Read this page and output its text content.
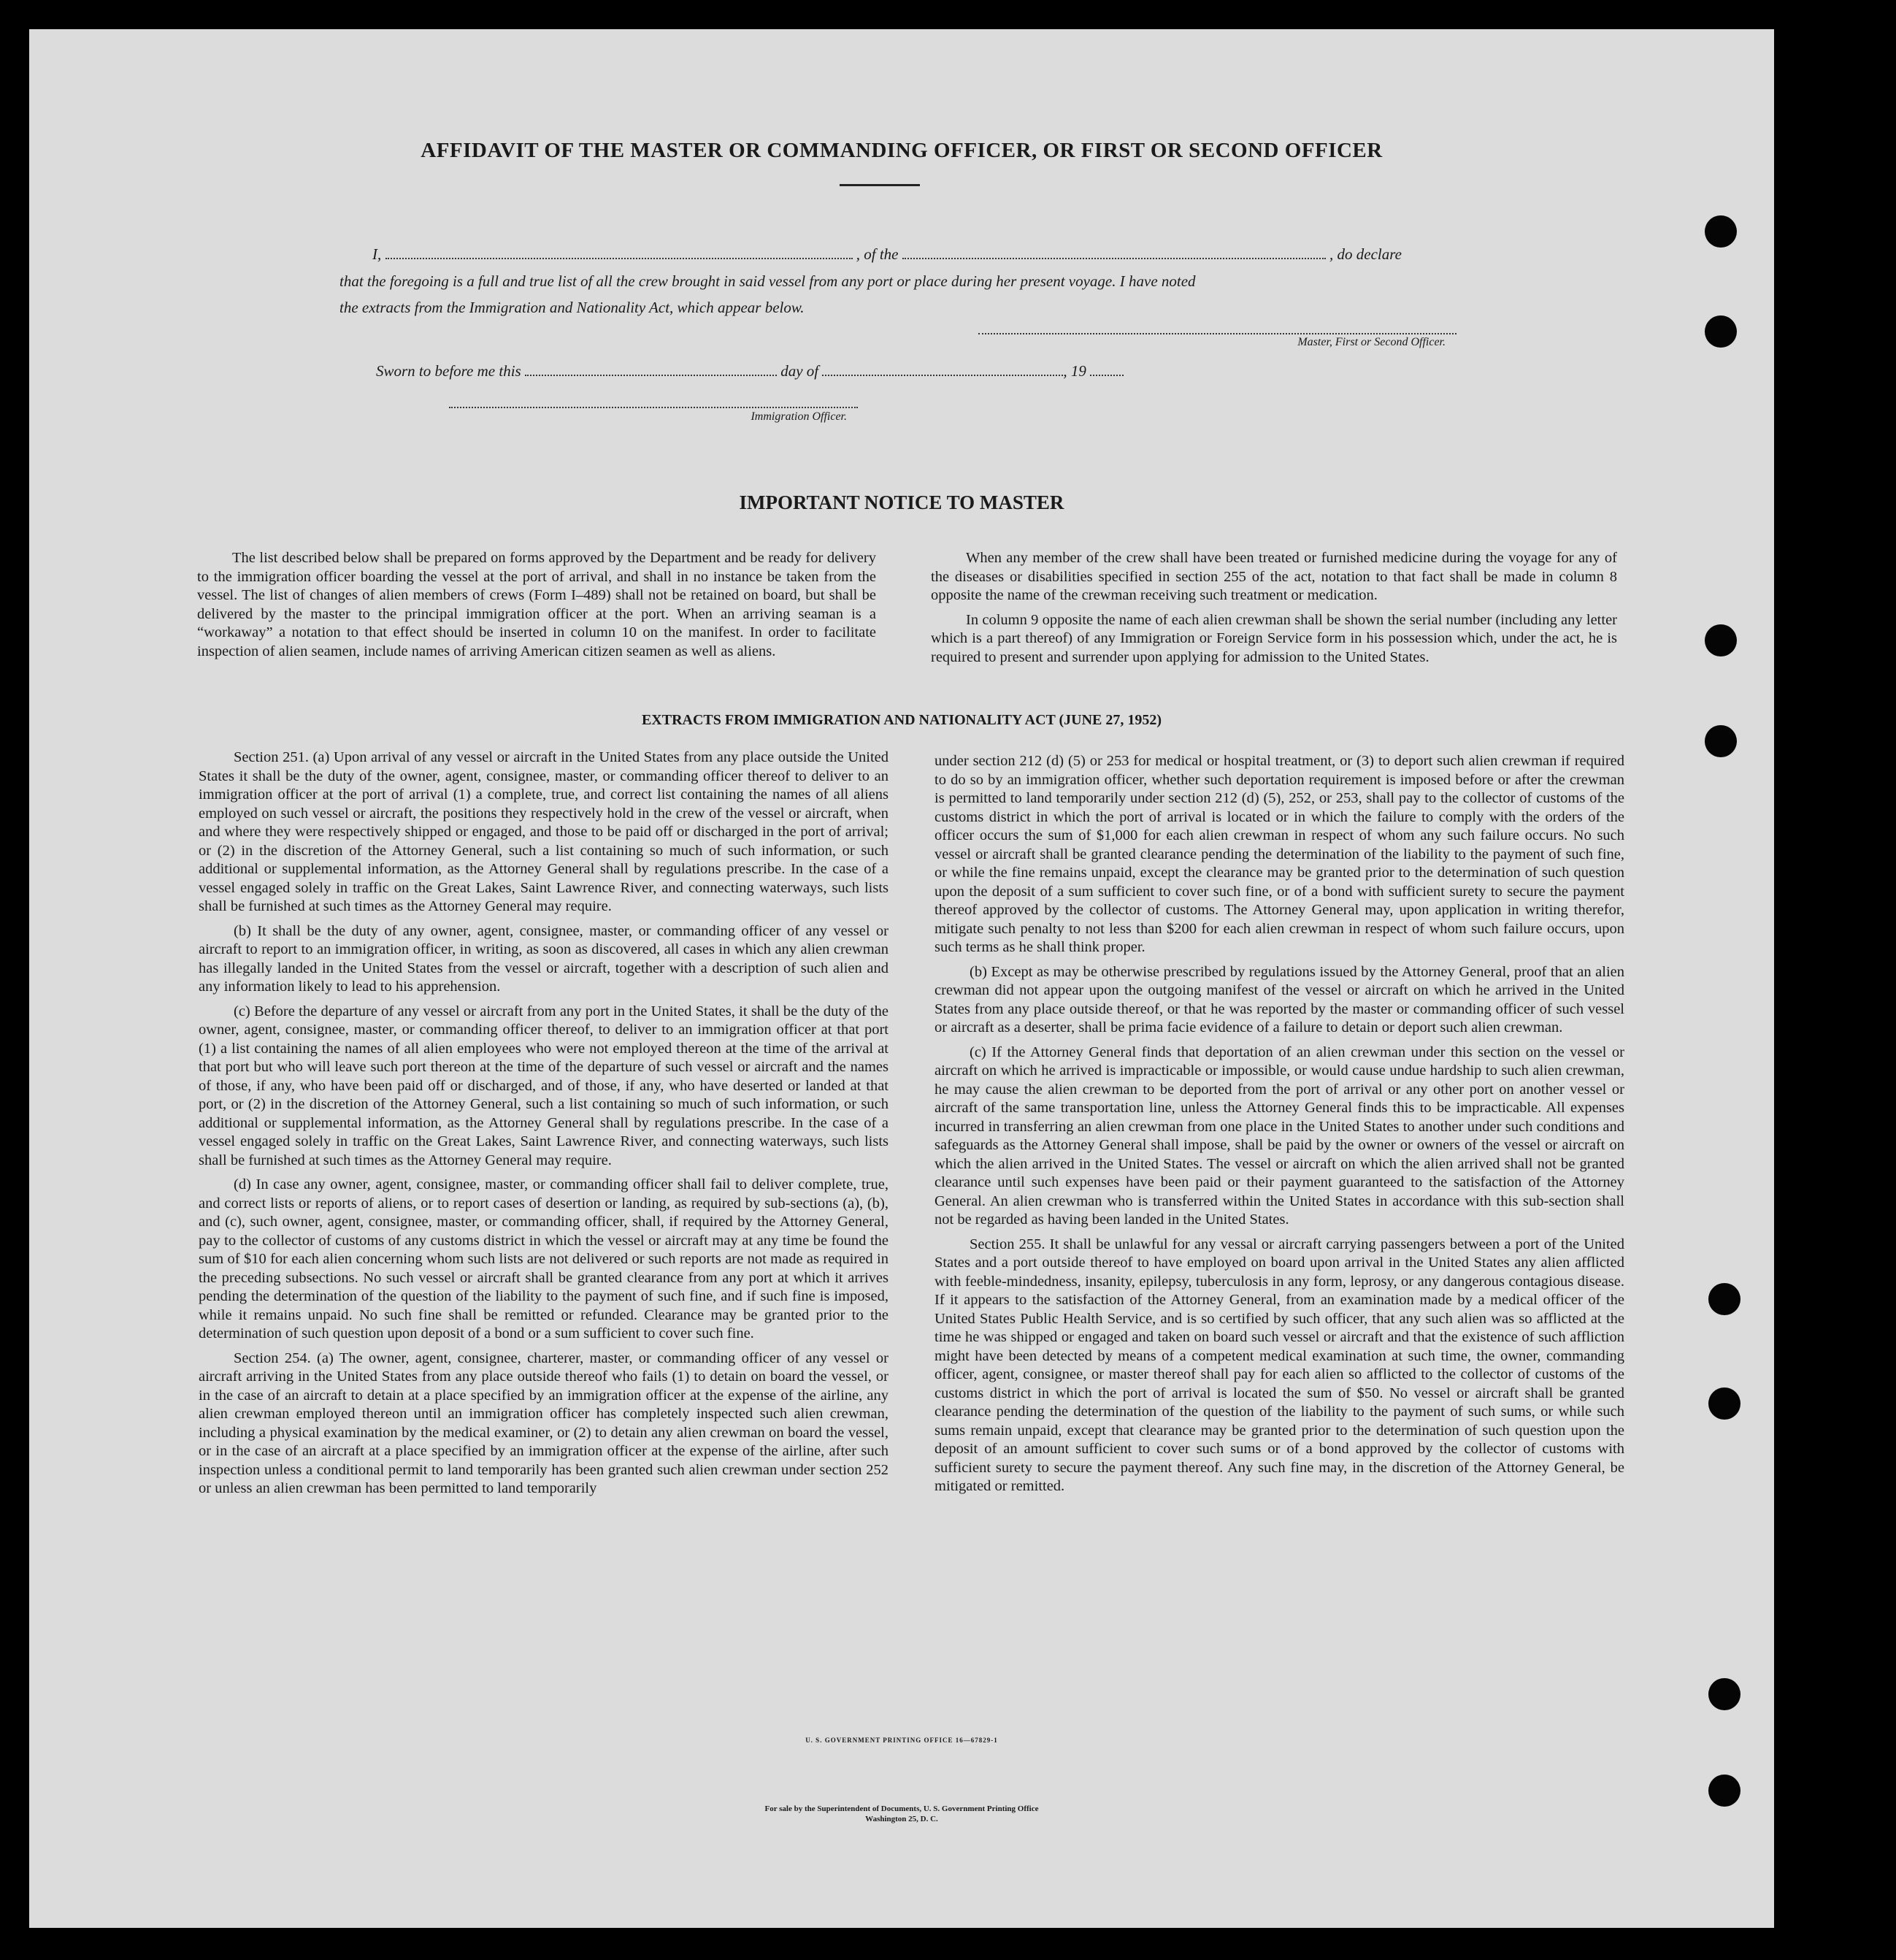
AFFIDAVIT OF THE MASTER OR COMMANDING OFFICER, OR FIRST OR SECOND OFFICER
I,	, of the	, do declare
that the foregoing is a full and true list of all the crew brought in said vessel from any port or place during her present voyage. I have noted
the extracts from the Immigration and Nationality Act, which appear below.
Master, First or Second Officer.
Sworn to before me this	day of	, 19
Immigration Officer.
IMPORTANT NOTICE TO MASTER

The list described below shall be prepared on forms approved by the Department and be ready for delivery to the immigration officer boarding the vessel at the port of arrival, and shall in no instance be taken from the vessel. The list of changes of alien members of crews (Form I–489) shall not be retained on board, but shall be delivered by the master to the principal immigration officer at the port. When an arriving seaman is a “workaway” a notation to that effect should be inserted in column 10 on the manifest. In order to facilitate inspection of alien seamen, include names of arriving American citizen seamen as well as aliens.

When any member of the crew shall have been treated or furnished medicine during the voyage for any of the diseases or disabilities specified in section 255 of the act, notation to that fact shall be made in column 8 opposite the name of the crewman receiving such treatment or medication.

In column 9 opposite the name of each alien crewman shall be shown the serial number (including any letter which is a part thereof) of any Immigration or Foreign Service form in his possession which, under the act, he is required to present and surrender upon applying for admission to the United States.

EXTRACTS FROM IMMIGRATION AND NATIONALITY ACT (JUNE 27, 1952)

Section 251. (a) Upon arrival of any vessel or aircraft in the United States from any place outside the United States it shall be the duty of the owner, agent, consignee, master, or commanding officer thereof to deliver to an immigration officer at the port of arrival (1) a complete, true, and correct list containing the names of all aliens employed on such vessel or aircraft, the positions they respectively hold in the crew of the vessel or aircraft, when and where they were respectively shipped or engaged, and those to be paid off or discharged in the port of arrival; or (2) in the discretion of the Attorney General, such a list containing so much of such information, or such additional or supplemental information, as the Attorney General shall by regulations prescribe. In the case of a vessel engaged solely in traffic on the Great Lakes, Saint Lawrence River, and connecting waterways, such lists shall be furnished at such times as the Attorney General may require.

(b) It shall be the duty of any owner, agent, consignee, master, or commanding officer of any vessel or aircraft to report to an immigration officer, in writing, as soon as discovered, all cases in which any alien crewman has illegally landed in the United States from the vessel or aircraft, together with a description of such alien and any information likely to lead to his apprehension.

(c) Before the departure of any vessel or aircraft from any port in the United States, it shall be the duty of the owner, agent, consignee, master, or commanding officer thereof, to deliver to an immigration officer at that port (1) a list containing the names of all alien employees who were not employed thereon at the time of the arrival at that port but who will leave such port thereon at the time of the departure of such vessel or aircraft and the names of those, if any, who have been paid off or discharged, and of those, if any, who have deserted or landed at that port, or (2) in the discretion of the Attorney General, such a list containing so much of such information, or such additional or supplemental information, as the Attorney General shall by regulations prescribe. In the case of a vessel engaged solely in traffic on the Great Lakes, Saint Lawrence River, and connecting waterways, such lists shall be furnished at such times as the Attorney General may require.

(d) In case any owner, agent, consignee, master, or commanding officer shall fail to deliver complete, true, and correct lists or reports of aliens, or to report cases of desertion or landing, as required by sub-sections (a), (b), and (c), such owner, agent, consignee, master, or commanding officer, shall, if required by the Attorney General, pay to the collector of customs of any customs district in which the vessel or aircraft may at any time be found the sum of $10 for each alien concerning whom such lists are not delivered or such reports are not made as required in the preceding subsections. No such vessel or aircraft shall be granted clearance from any port at which it arrives pending the determination of the question of the liability to the payment of such fine, and if such fine is imposed, while it remains unpaid. No such fine shall be remitted or refunded. Clearance may be granted prior to the determination of such question upon deposit of a bond or a sum sufficient to cover such fine.

Section 254. (a) The owner, agent, consignee, charterer, master, or commanding officer of any vessel or aircraft arriving in the United States from any place outside thereof who fails (1) to detain on board the vessel, or in the case of an aircraft to detain at a place specified by an immigration officer at the expense of the airline, any alien crewman employed thereon until an immigration officer has completely inspected such alien crewman, including a physical examination by the medical examiner, or (2) to detain any alien crewman on board the vessel, or in the case of an aircraft at a place specified by an immigration officer at the expense of the airline, after such inspection unless a conditional permit to land temporarily has been granted such alien crewman under section 252 or unless an alien crewman has been permitted to land temporarily

under section 212 (d) (5) or 253 for medical or hospital treatment, or (3) to deport such alien crewman if required to do so by an immigration officer, whether such deportation requirement is imposed before or after the crewman is permitted to land temporarily under section 212 (d) (5), 252, or 253, shall pay to the collector of customs of the customs district in which the port of arrival is located or in which the failure to comply with the orders of the officer occurs the sum of $1,000 for each alien crewman in respect of whom any such failure occurs. No such vessel or aircraft shall be granted clearance pending the determination of the liability to the payment of such fine, or while the fine remains unpaid, except the clearance may be granted prior to the determination of such question upon the deposit of a sum sufficient to cover such fine, or of a bond with sufficient surety to secure the payment thereof approved by the collector of customs. The Attorney General may, upon application in writing therefor, mitigate such penalty to not less than $200 for each alien crewman in respect of whom such failure occurs, upon such terms as he shall think proper.

(b) Except as may be otherwise prescribed by regulations issued by the Attorney General, proof that an alien crewman did not appear upon the outgoing manifest of the vessel or aircraft on which he arrived in the United States from any place outside thereof, or that he was reported by the master or commanding officer of such vessel or aircraft as a deserter, shall be prima facie evidence of a failure to detain or deport such alien crewman.

(c) If the Attorney General finds that deportation of an alien crewman under this section on the vessel or aircraft on which he arrived is impracticable or impossible, or would cause undue hardship to such alien crewman, he may cause the alien crewman to be deported from the port of arrival or any other port on another vessel or aircraft of the same transportation line, unless the Attorney General finds this to be impracticable. All expenses incurred in transferring an alien crewman from one place in the United States to another under such conditions and safeguards as the Attorney General shall impose, shall be paid by the owner or owners of the vessel or aircraft on which the alien arrived in the United States. The vessel or aircraft on which the alien arrived shall not be granted clearance until such expenses have been paid or their payment guaranteed to the satisfaction of the Attorney General. An alien crewman who is transferred within the United States in accordance with this sub-section shall not be regarded as having been landed in the United States.

Section 255. It shall be unlawful for any vessal or aircraft carrying passengers between a port of the United States and a port outside thereof to have employed on board upon arrival in the United States any alien afflicted with feeble-mindedness, insanity, epilepsy, tuberculosis in any form, leprosy, or any dangerous contagious disease. If it appears to the satisfaction of the Attorney General, from an examination made by a medical officer of the United States Public Health Service, and is so certified by such officer, that any such alien was so afflicted at the time he was shipped or engaged and taken on board such vessel or aircraft and that the existence of such affliction might have been detected by means of a competent medical examination at such time, the owner, commanding officer, agent, consignee, or master thereof shall pay for each alien so afflicted to the collector of customs of the customs district in which the port of arrival is located the sum of $50. No vessel or aircraft shall be granted clearance pending the determination of the question of the liability to the payment of such sums, or while such sums remain unpaid, except that clearance may be granted prior to the determination of such question upon the deposit of an amount sufficient to cover such sums or of a bond approved by the collector of customs with sufficient surety to secure the payment thereof. Any such fine may, in the discretion of the Attorney General, be mitigated or remitted.

U. S. GOVERNMENT PRINTING OFFICE 16—67829-1
For sale by the Superintendent of Documents, U. S. Government Printing Office
Washington 25, D. C.
